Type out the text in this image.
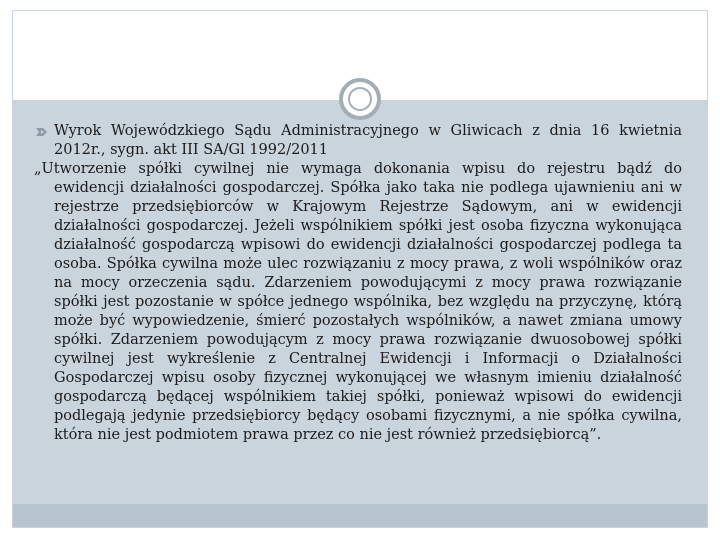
Wyrok Wojewódzkiego Sądu Administracyjnego w Gliwicach z dnia 16 kwietnia 2012r., sygn. akt III SA/Gl 1992/2011
„Utworzenie spółki cywilnej nie wymaga dokonania wpisu do rejestru bądź do ewidencji działalności gospodarczej. Spółka jako taka nie podlega ujawnieniu ani w rejestrze przedsiębiorców w Krajowym Rejestrze Sądowym, ani w ewidencji działalności gospodarczej. Jeżeli wspólnikiem spółki jest osoba fizyczna wykonująca działalność gospodarczą wpisowi do ewidencji działalności gospodarczej podlega ta osoba. Spółka cywilna może ulec rozwiązaniu z mocy prawa, z woli wspólników oraz na mocy orzeczenia sądu. Zdarzeniem powodującymi z mocy prawa rozwiązanie spółki jest pozostanie w spółce jednego wspólnika, bez względu na przyczynę, którą może być wypowiedzenie, śmierć pozostałych wspólników, a nawet zmiana umowy spółki. Zdarzeniem powodującym z mocy prawa rozwiązanie dwuosobowej spółki cywilnej jest wykreślenie z Centralnej Ewidencji i Informacji o Działalności Gospodarczej wpisu osoby fizycznej wykonującej we własnym imieniu działalność gospodarczą będącej wspólnikiem takiej spółki, ponieważ wpisowi do ewidencji podlegają jedynie przedsiębiorcy będący osobami fizycznymi, a nie spółka cywilna, która nie jest podmiotem prawa przez co nie jest również przedsiębiorcą”.
